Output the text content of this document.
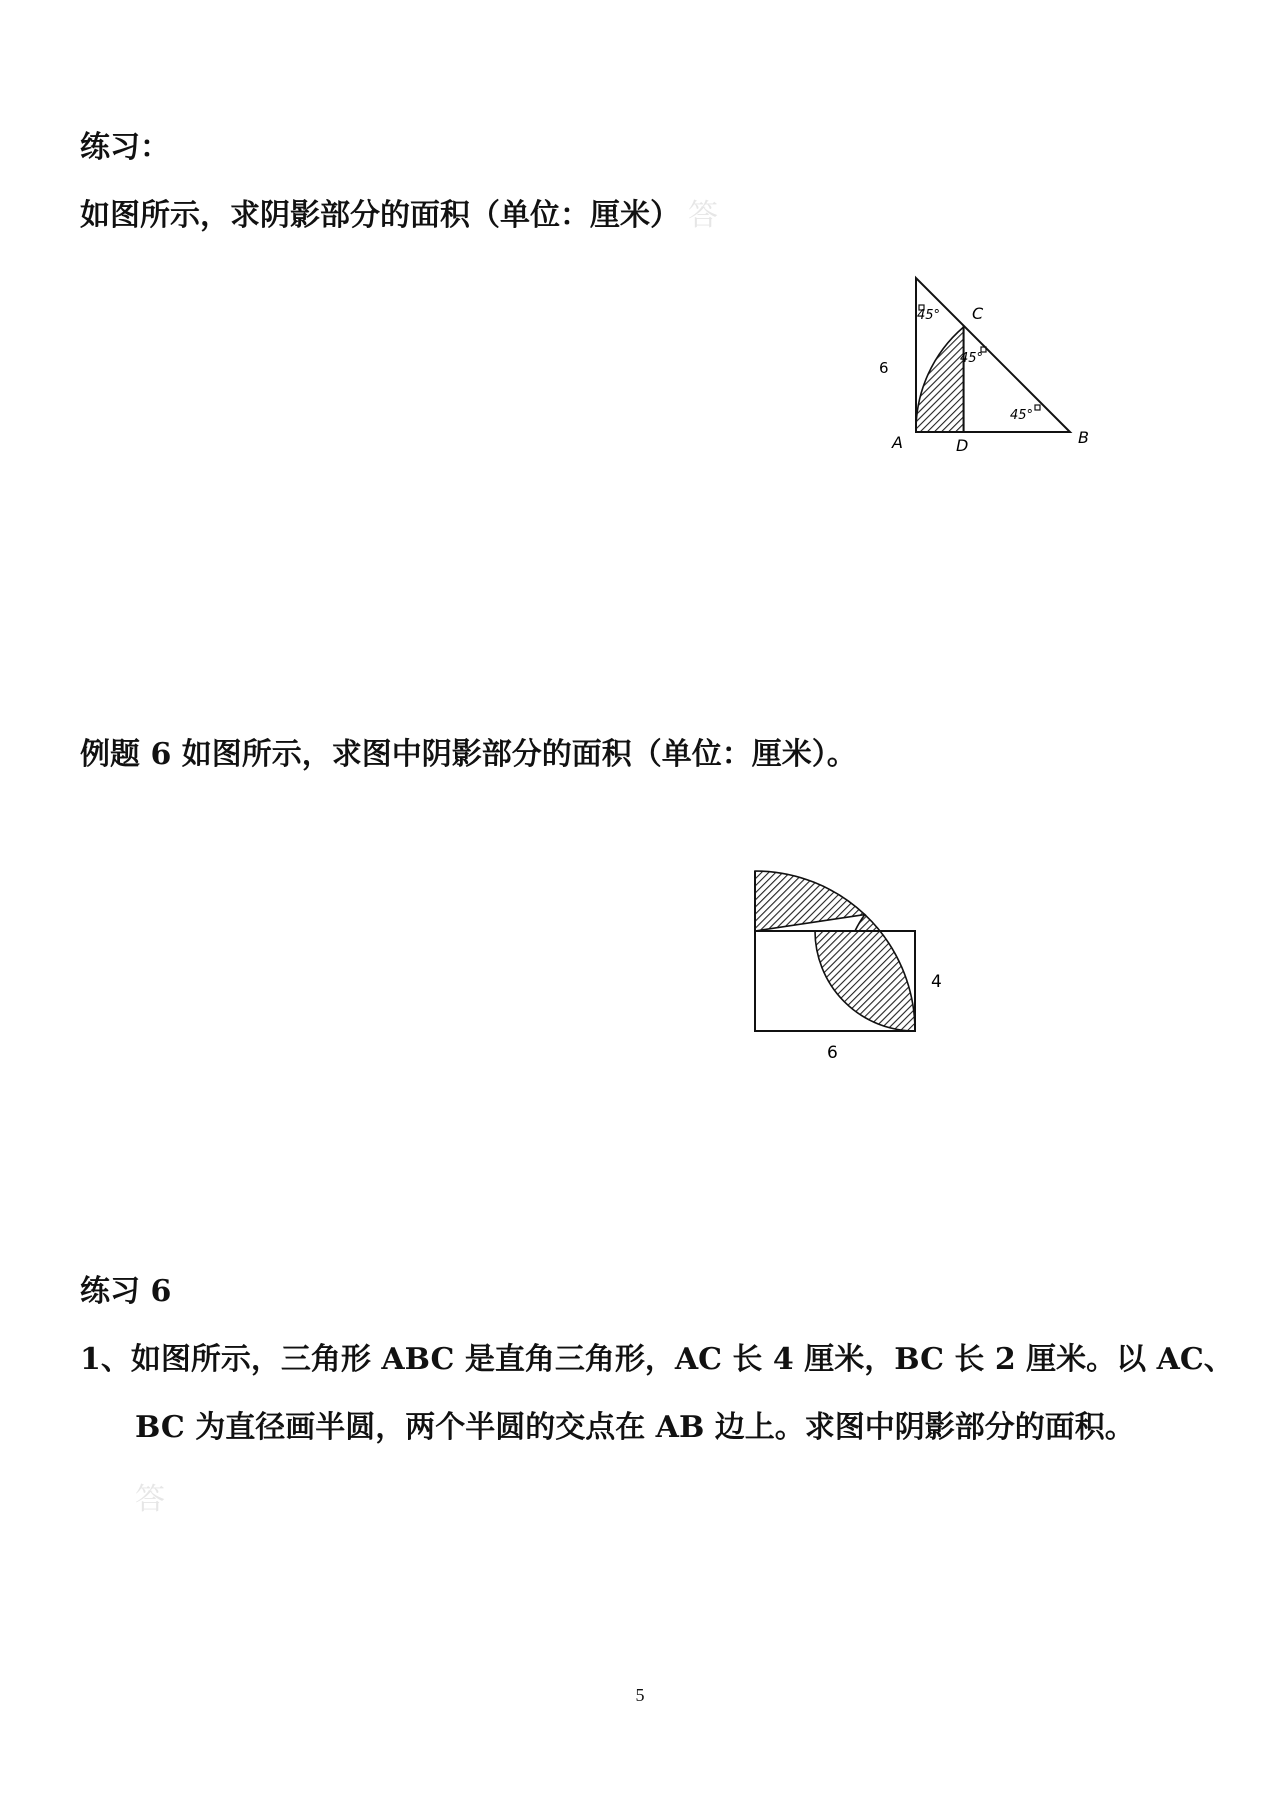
练习：
如图所示，求阴影部分的面积（单位：厘米） 答
45°
45°
45°
6
C
A	D	B
例题 6 如图所示，求图中阴影部分的面积（单位：厘米）。
4
6
练习 6
1、如图所示，三角形 ABC 是直角三角形，AC 长 4 厘米，BC 长 2 厘米。以 AC、
BC 为直径画半圆，两个半圆的交点在 AB 边上。求图中阴影部分的面积。
答
5
